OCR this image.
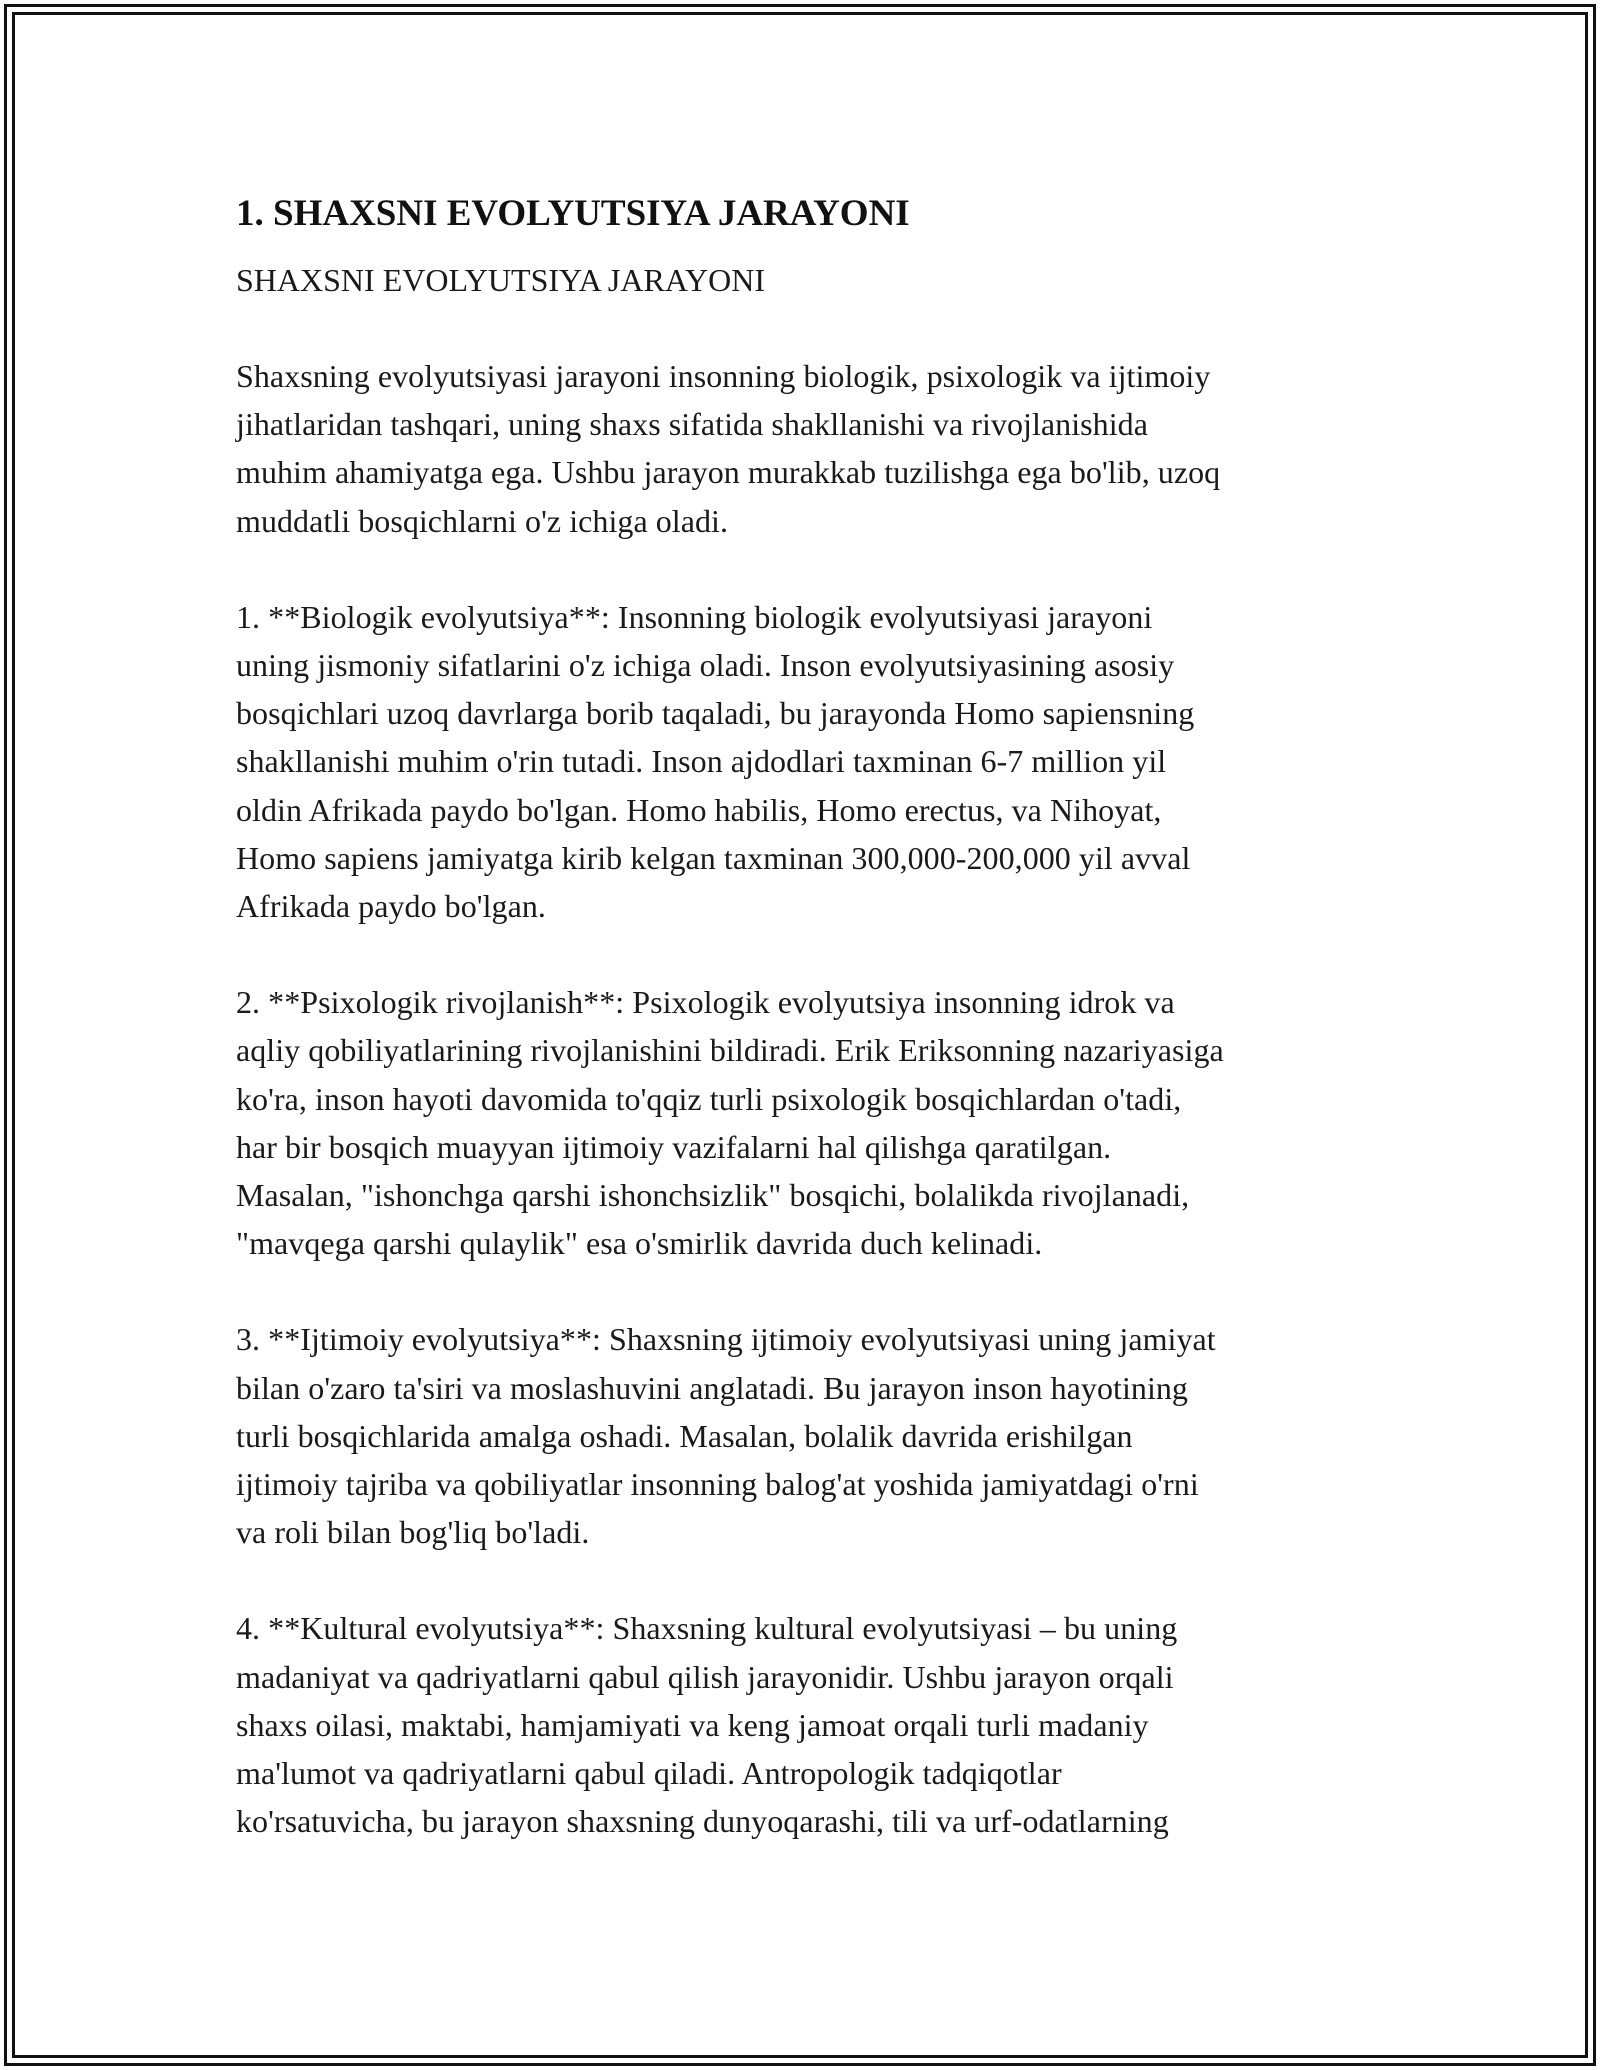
1. SHAXSNI EVOLYUTSIYA JARAYONI
SHAXSNI EVOLYUTSIYA JARAYONI
Shaxsning evolyutsiyasi jarayoni insonning biologik, psixologik va ijtimoiy
jihatlaridan tashqari, uning shaxs sifatida shakllanishi va rivojlanishida
muhim ahamiyatga ega. Ushbu jarayon murakkab tuzilishga ega bo'lib, uzoq
muddatli bosqichlarni o'z ichiga oladi.
1. **Biologik evolyutsiya**: Insonning biologik evolyutsiyasi jarayoni
uning jismoniy sifatlarini o'z ichiga oladi. Inson evolyutsiyasining asosiy
bosqichlari uzoq davrlarga borib taqaladi, bu jarayonda Homo sapiensning
shakllanishi muhim o'rin tutadi. Inson ajdodlari taxminan 6-7 million yil
oldin Afrikada paydo bo'lgan. Homo habilis, Homo erectus, va Nihoyat,
Homo sapiens jamiyatga kirib kelgan taxminan 300,000-200,000 yil avval
Afrikada paydo bo'lgan.
2. **Psixologik rivojlanish**: Psixologik evolyutsiya insonning idrok va
aqliy qobiliyatlarining rivojlanishini bildiradi. Erik Eriksonning nazariyasiga
ko'ra, inson hayoti davomida to'qqiz turli psixologik bosqichlardan o'tadi,
har bir bosqich muayyan ijtimoiy vazifalarni hal qilishga qaratilgan.
Masalan, "ishonchga qarshi ishonchsizlik" bosqichi, bolalikda rivojlanadi,
"mavqega qarshi qulaylik" esa o'smirlik davrida duch kelinadi.
3. **Ijtimoiy evolyutsiya**: Shaxsning ijtimoiy evolyutsiyasi uning jamiyat
bilan o'zaro ta'siri va moslashuvini anglatadi. Bu jarayon inson hayotining
turli bosqichlarida amalga oshadi. Masalan, bolalik davrida erishilgan
ijtimoiy tajriba va qobiliyatlar insonning balog'at yoshida jamiyatdagi o'rni
va roli bilan bog'liq bo'ladi.
4. **Kultural evolyutsiya**: Shaxsning kultural evolyutsiyasi – bu uning
madaniyat va qadriyatlarni qabul qilish jarayonidir. Ushbu jarayon orqali
shaxs oilasi, maktabi, hamjamiyati va keng jamoat orqali turli madaniy
ma'lumot va qadriyatlarni qabul qiladi. Antropologik tadqiqotlar
ko'rsatuvicha, bu jarayon shaxsning dunyoqarashi, tili va urf-odatlarning
